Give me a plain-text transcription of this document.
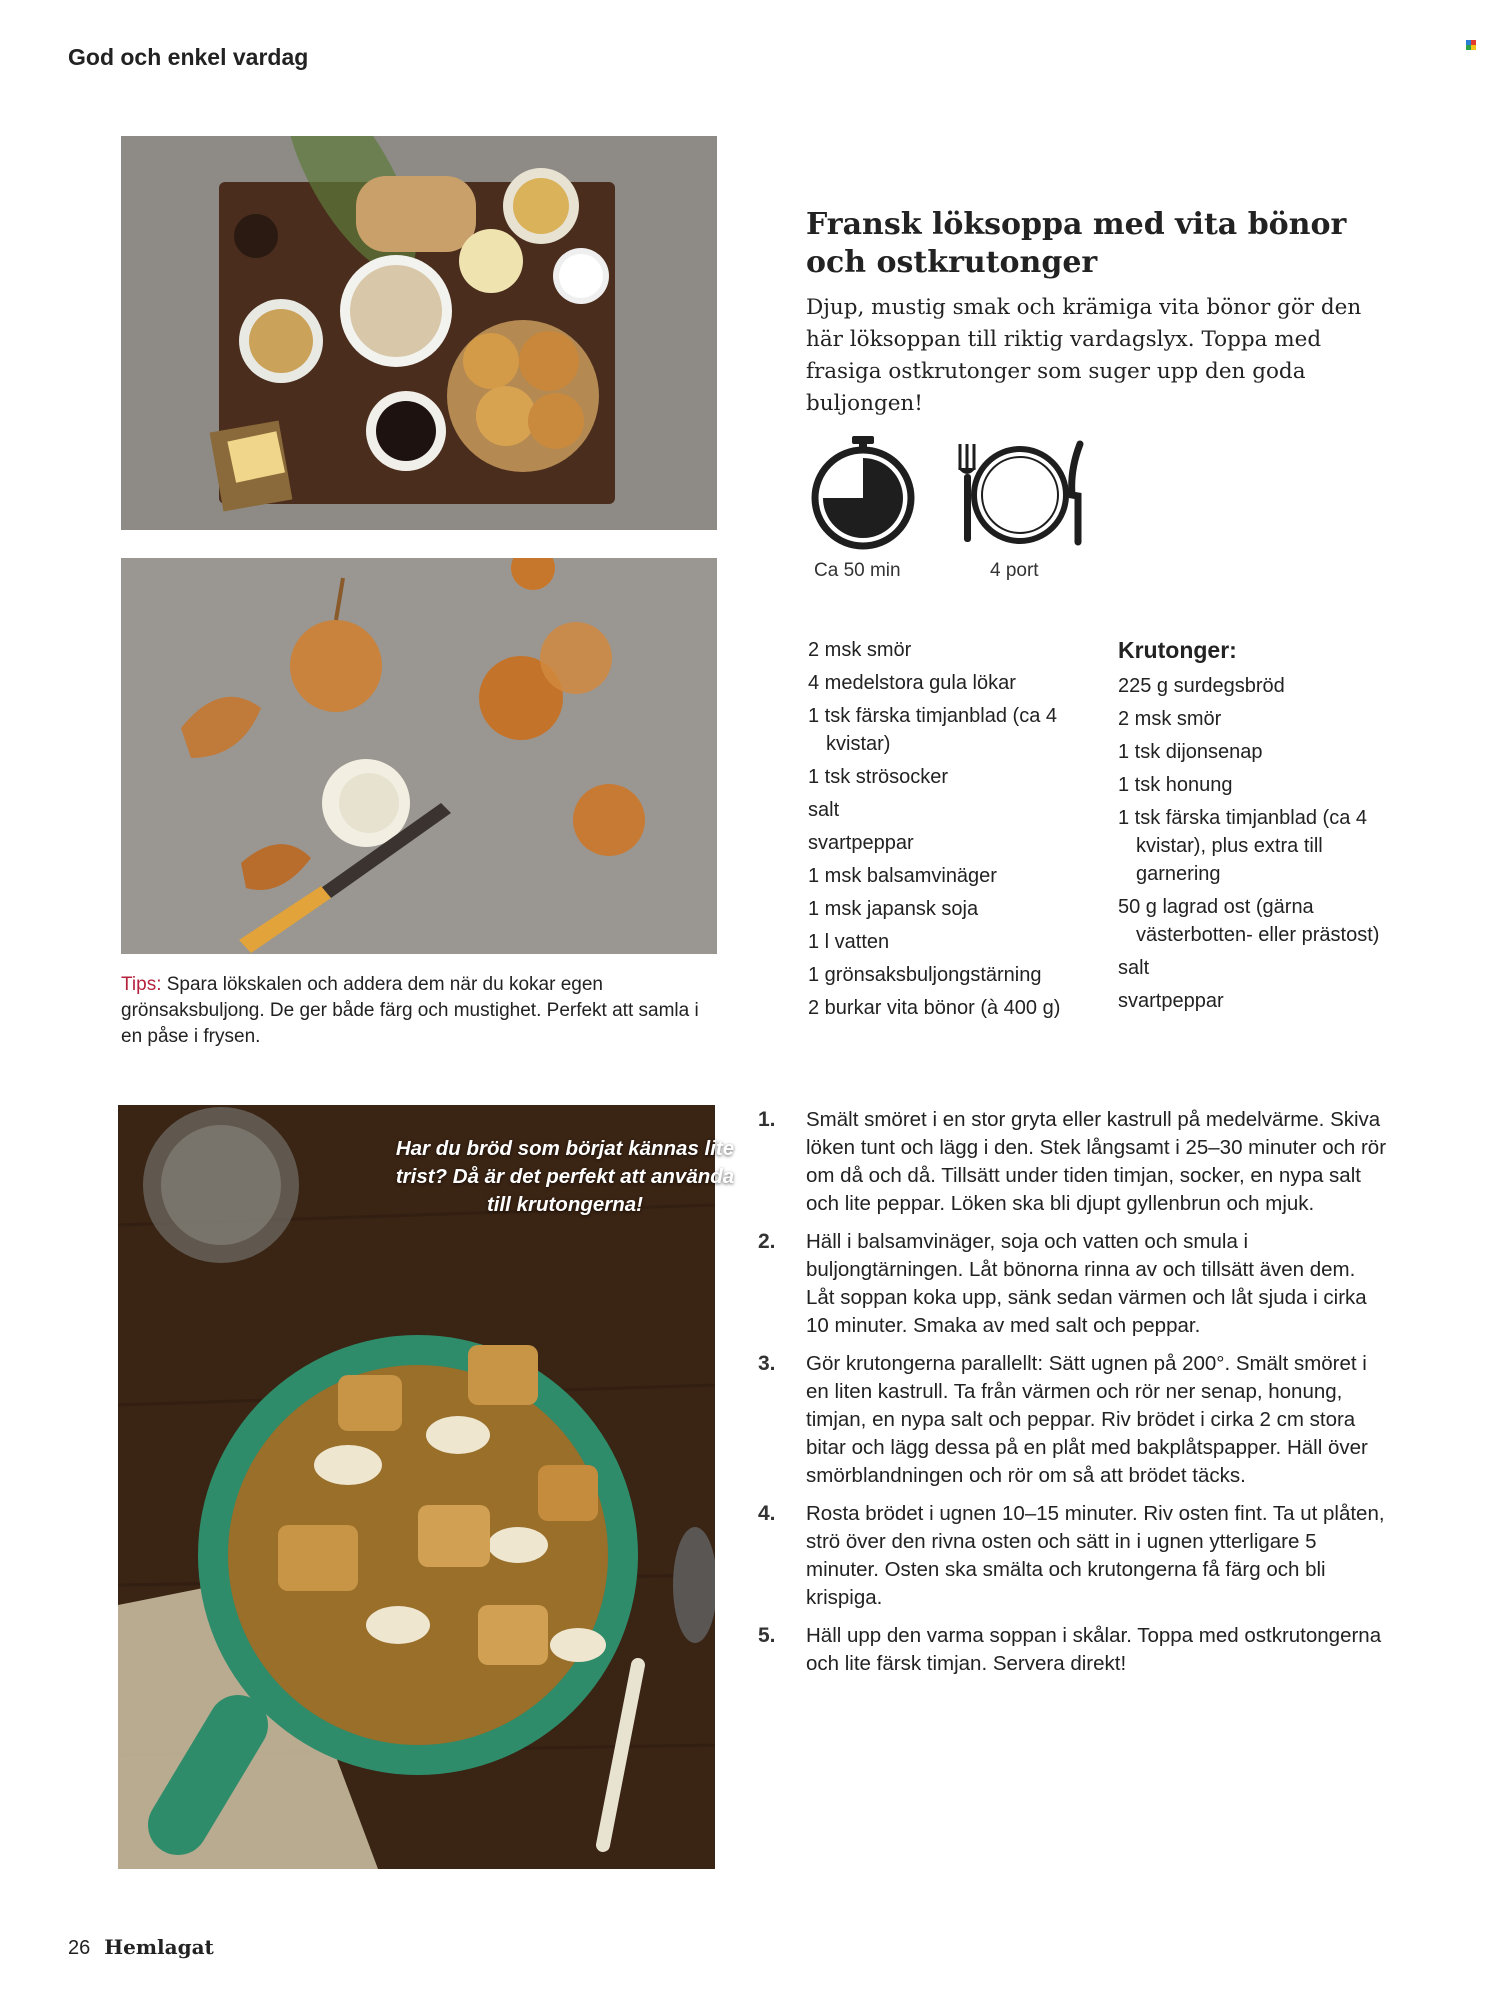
God och enkel vardag
Tips: Spara lökskalen och addera dem när du kokar egen grönsaksbuljong. De ger både färg och mustighet. Perfekt att samla i en påse i frysen.
Har du bröd som börjat kännas lite trist? Då är det perfekt att använda till krutongerna!
Fransk löksoppa med vita bönor och ostkrutonger

Djup, mustig smak och krämiga vita bönor gör den här löksoppan till riktig vardagslyx. Toppa med frasiga ostkrutonger som suger upp den goda buljongen!

Ca 50 min	4 port
2 msk smör
4 medelstora gula lökar
1 tsk färska timjanblad (ca 4 kvistar)
1 tsk strösocker
salt
svartpeppar
1 msk balsamvinäger
1 msk japansk soja
1 l vatten
1 grönsaksbuljongstärning
2 burkar vita bönor (à 400 g)
Krutonger:
225 g surdegsbröd
2 msk smör
1 tsk dijonsenap
1 tsk honung
1 tsk färska timjanblad (ca 4 kvistar), plus extra till garnering
50 g lagrad ost (gärna västerbotten- eller prästost)
salt
svartpeppar
1. Smält smöret i en stor gryta eller kastrull på medelvärme. Skiva löken tunt och lägg i den. Stek långsamt i 25–30 minuter och rör om då och då. Tillsätt under tiden timjan, socker, en nypa salt och lite peppar. Löken ska bli djupt gyllenbrun och mjuk.
2. Häll i balsamvinäger, soja och vatten och smula i buljongtärningen. Låt bönorna rinna av och tillsätt även dem. Låt soppan koka upp, sänk sedan värmen och låt sjuda i cirka 10 minuter. Smaka av med salt och peppar.
3. Gör krutongerna parallellt: Sätt ugnen på 200°. Smält smöret i en liten kastrull. Ta från värmen och rör ner senap, honung, timjan, en nypa salt och peppar. Riv brödet i cirka 2 cm stora bitar och lägg dessa på en plåt med bakplåtspapper. Häll över smörblandningen och rör om så att brödet täcks.
4. Rosta brödet i ugnen 10–15 minuter. Riv osten fint. Ta ut plåten, strö över den rivna osten och sätt in i ugnen ytterligare 5 minuter. Osten ska smälta och krutongerna få färg och bli krispiga.
5. Häll upp den varma soppan i skålar. Toppa med ostkrutongerna och lite färsk timjan. Servera direkt!
26 Hemlagat
